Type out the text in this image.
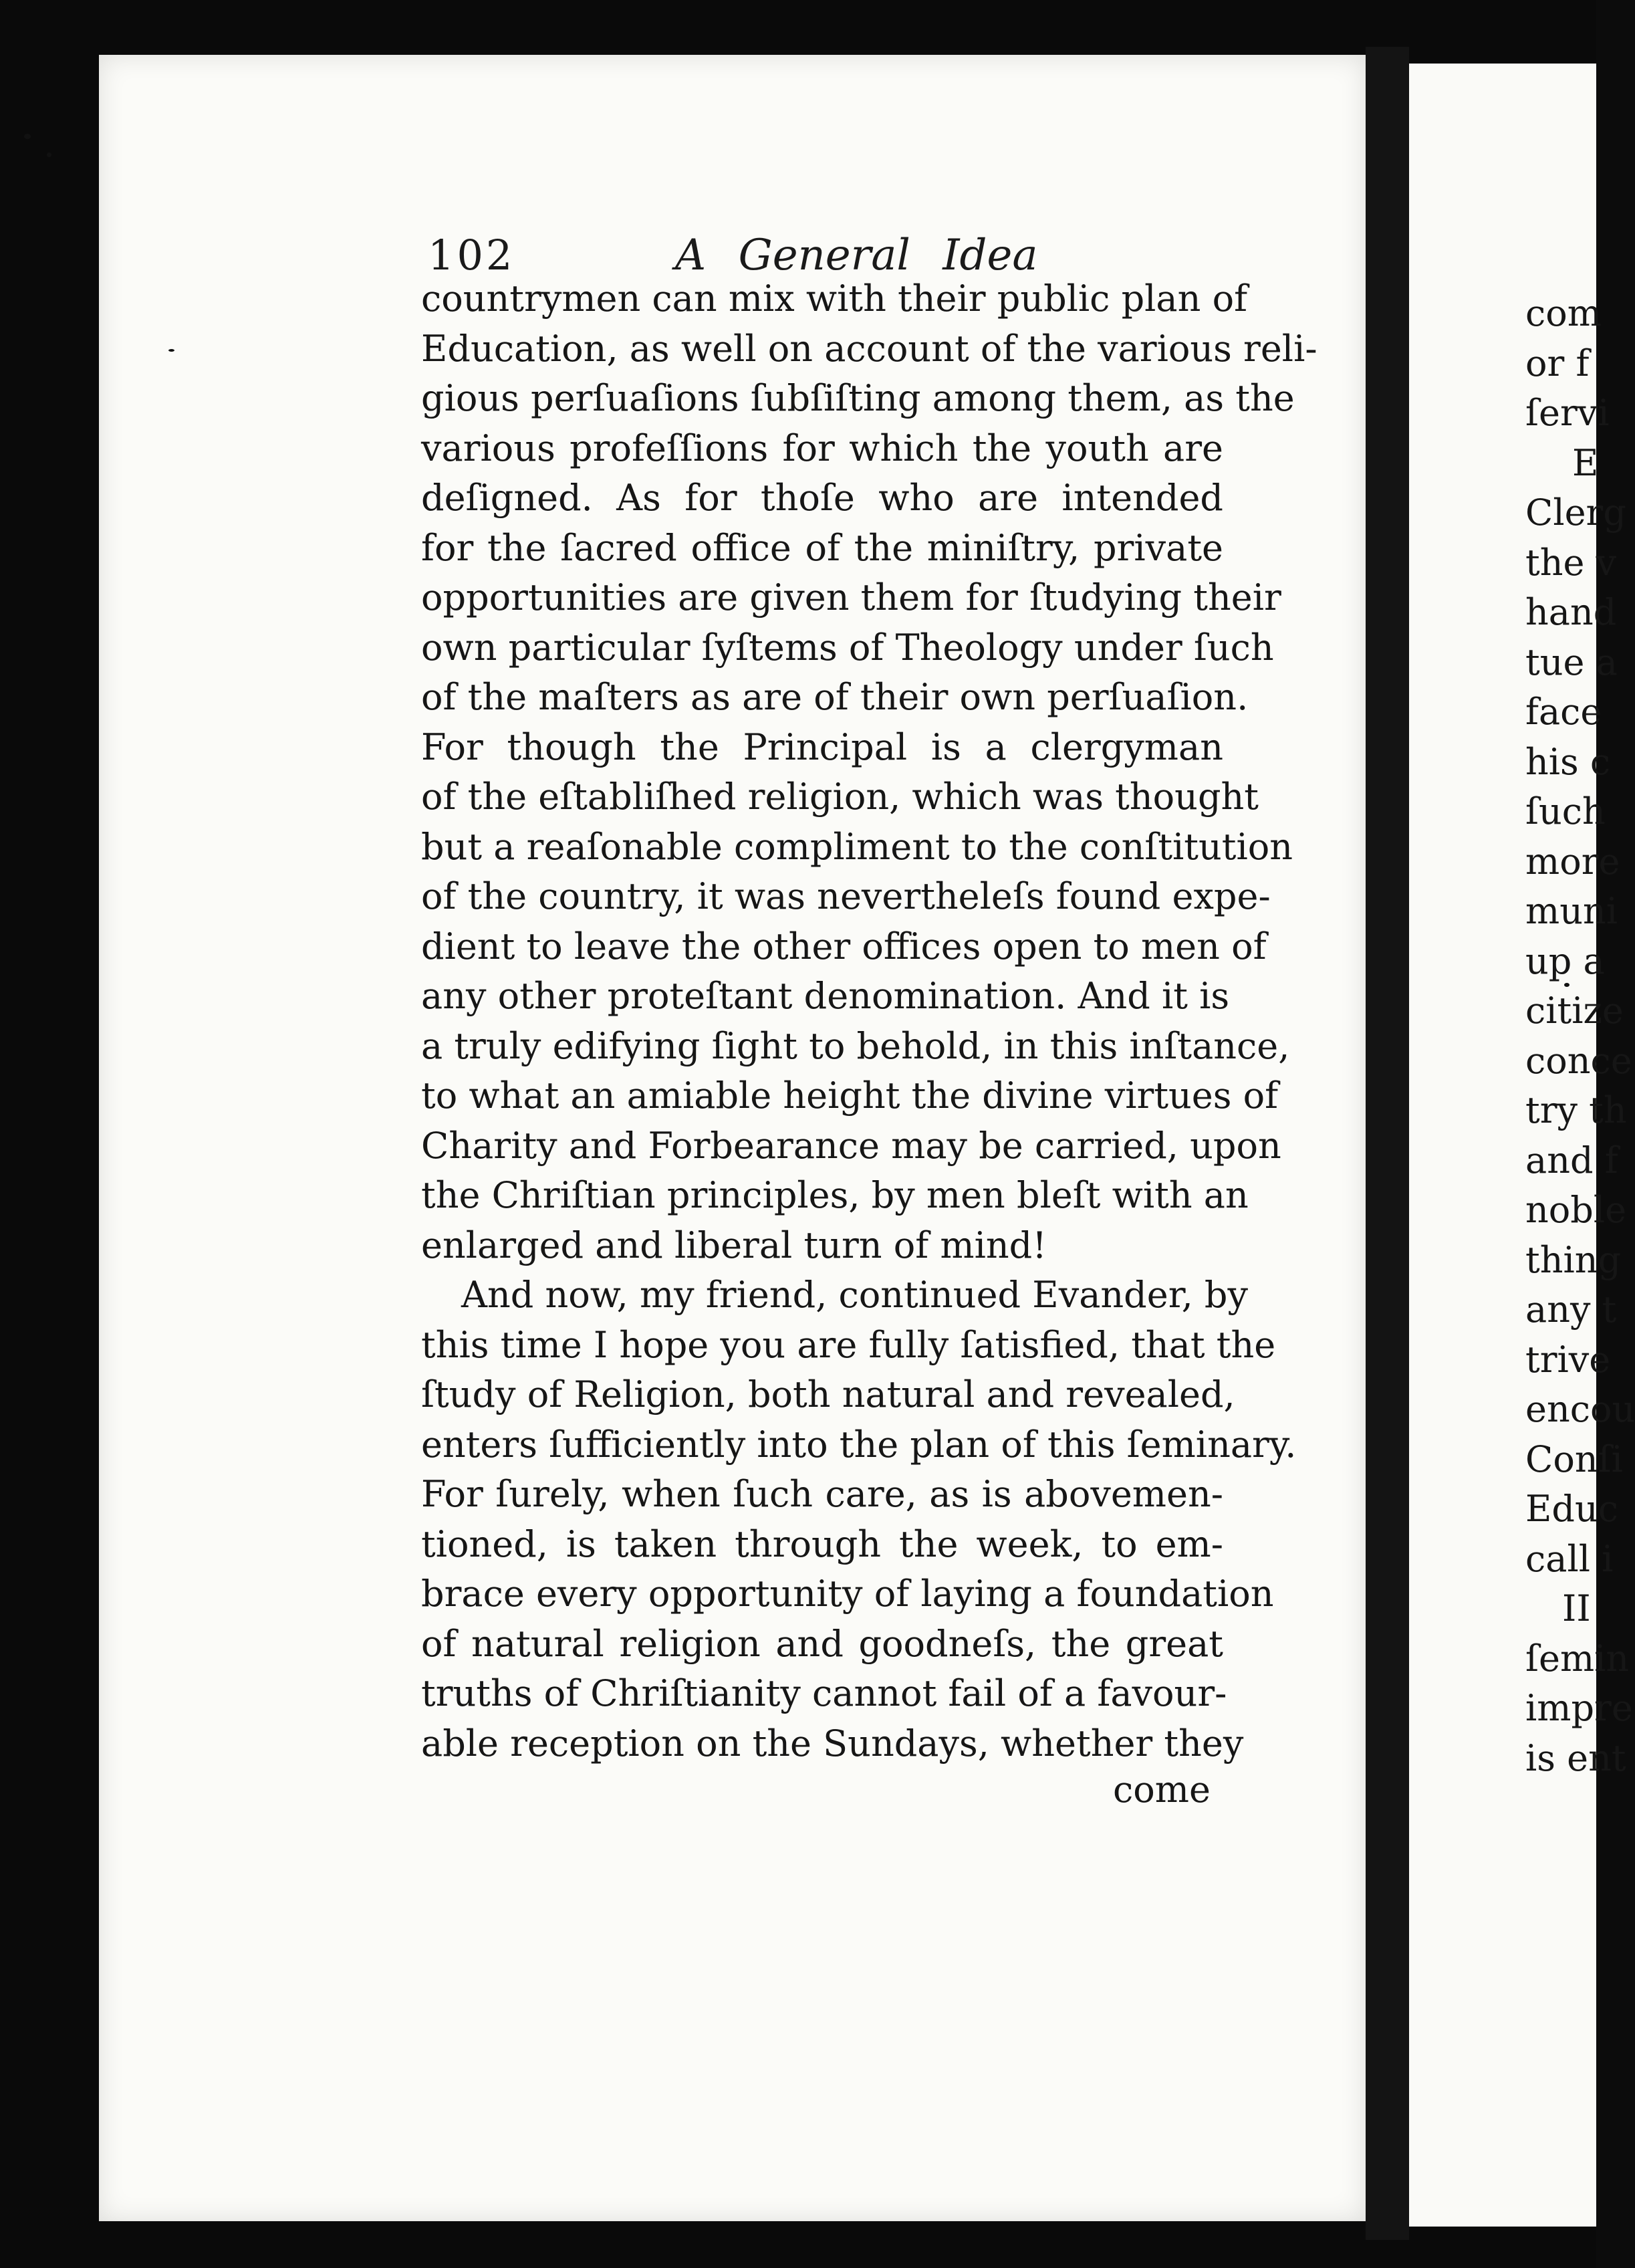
102	A General Idea
countrymen can mix with their public plan of
Education, as well on account of the various reli-
gious perſuaſions ſubſiſting among them, as the
various profeſſions for which the youth are
deſigned. As for thoſe who are intended
for the ſacred office of the miniſtry, private
opportunities are given them for ſtudying their
own particular ſyſtems of Theology under ſuch
of the maſters as are of their own perſuaſion.
For though the Principal is a clergyman
of the eſtabliſhed religion, which was thought
but a reaſonable compliment to the conſtitution
of the country, it was nevertheleſs found expe-
dient to leave the other offices open to men of
any other proteſtant denomination. And it is
a truly edifying ſight to behold, in this inſtance,
to what an amiable height the divine virtues of
Charity and Forbearance may be carried, upon
the Chriſtian principles, by men bleſt with an
enlarged and liberal turn of mind!
And now, my friend, continued Evander, by
this time I hope you are fully ſatisfied, that the
ſtudy of Religion, both natural and revealed,
enters ſufficiently into the plan of this ſeminary.
For ſurely, when ſuch care, as is abovemen-
tioned, is taken through the week, to em-
brace every opportunity of laying a foundation
of natural religion and goodneſs, the great
truths of Chriſtianity cannot fail of a favour-
able reception on the Sundays, whether they
come
com
or f
ſervi
E
Clerg
the v
hand
tue a
face
his c
ſuch
more
muni
up a
citize
conce
try th
and f
noble
thing
any t
trive
encou
Conſi
Educ
call i
II
ſemin
impre
is ent
